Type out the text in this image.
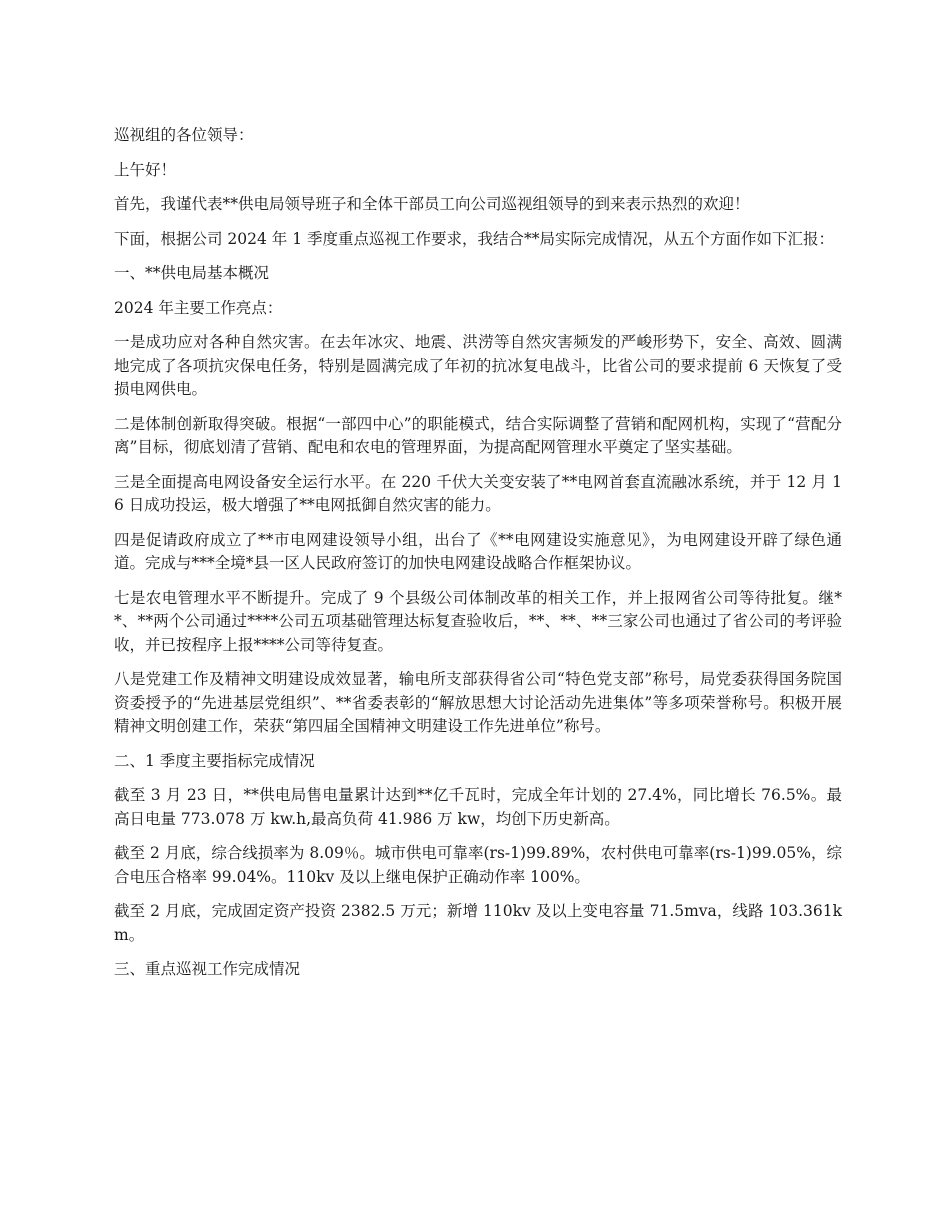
巡视组的各位领导：

上午好！

首先，我谨代表**供电局领导班子和全体干部员工向公司巡视组领导的到来表示热烈的欢迎！

下面，根据公司 2024 年 1 季度重点巡视工作要求，我结合**局实际完成情况，从五个方面作如下汇报：

一、**供电局基本概况

2024 年主要工作亮点：

一是成功应对各种自然灾害。在去年冰灾、地震、洪涝等自然灾害频发的严峻形势下，安全、高效、圆满地完成了各项抗灾保电任务，特别是圆满完成了年初的抗冰复电战斗，比省公司的要求提前 6 天恢复了受损电网供电。

二是体制创新取得突破。根据“一部四中心”的职能模式，结合实际调整了营销和配网机构，实现了“营配分离”目标，彻底划清了营销、配电和农电的管理界面，为提高配网管理水平奠定了坚实基础。

三是全面提高电网设备安全运行水平。在 220 千伏大关变安装了**电网首套直流融冰系统，并于 12 月 16 日成功投运，极大增强了**电网抵御自然灾害的能力。

四是促请政府成立了**市电网建设领导小组，出台了《**电网建设实施意见》，为电网建设开辟了绿色通道。完成与***全境*县一区人民政府签订的加快电网建设战略合作框架协议。

七是农电管理水平不断提升。完成了 9 个县级公司体制改革的相关工作，并上报网省公司等待批复。继**、**两个公司通过****公司五项基础管理达标复查验收后，**、**、**三家公司也通过了省公司的考评验收，并已按程序上报****公司等待复查。

八是党建工作及精神文明建设成效显著，输电所支部获得省公司“特色党支部”称号，局党委获得国务院国资委授予的“先进基层党组织”、**省委表彰的“解放思想大讨论活动先进集体”等多项荣誉称号。积极开展精神文明创建工作，荣获“第四届全国精神文明建设工作先进单位”称号。

二、1 季度主要指标完成情况

截至 3 月 23 日，**供电局售电量累计达到**亿千瓦时，完成全年计划的 27.4%，同比增长 76.5%。最高日电量 773.078 万 kw.h,最高负荷 41.986 万 kw，均创下历史新高。

截至 2 月底，综合线损率为 8.09％。城市供电可靠率(rs-1)99.89%，农村供电可靠率(rs-1)99.05%，综合电压合格率 99.04%。110kv 及以上继电保护正确动作率 100%。

截至 2 月底，完成固定资产投资 2382.5 万元；新增 110kv 及以上变电容量 71.5mva，线路 103.361km。

三、重点巡视工作完成情况
